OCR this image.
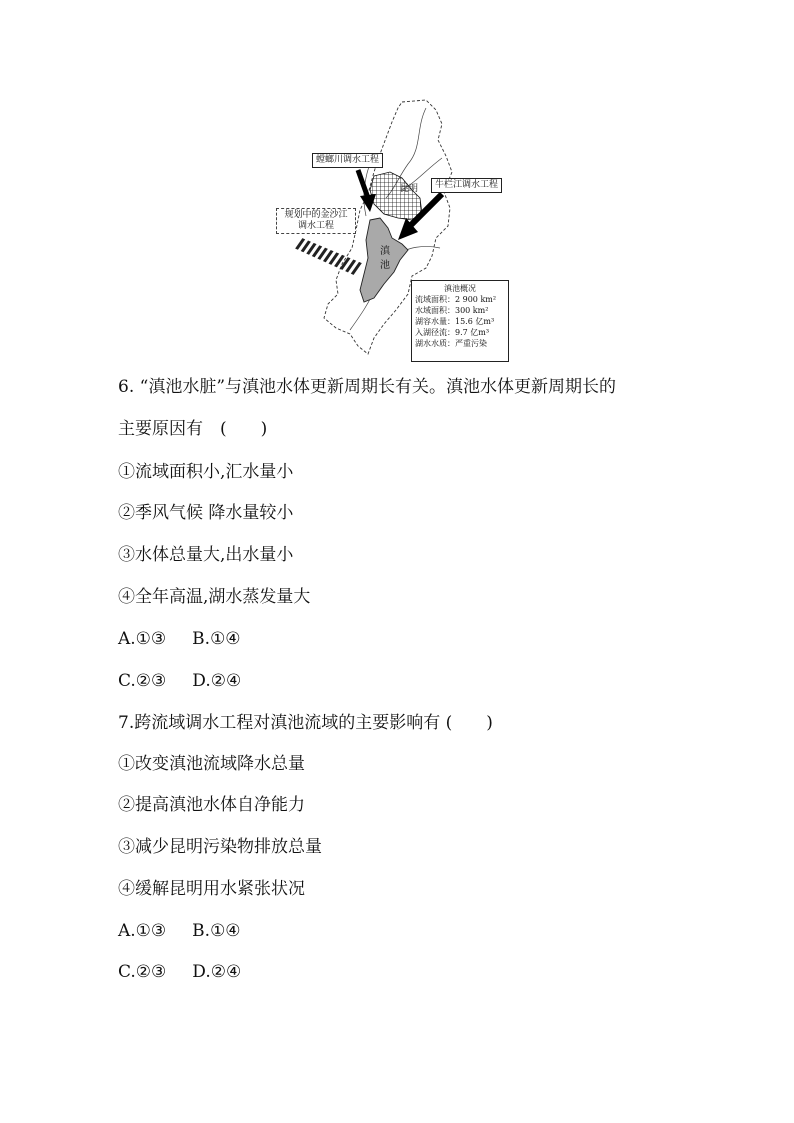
螳螂川调水工程
昆明	牛栏江调水工程
规划中的金沙江
调水工程
滇
池
滇池概况
流域面积：2 900 km²
水域面积：300 km²
湖容水量：15.6 亿m³
入湖径流：9.7 亿m³
湖水水质：严重污染
6. “滇池水脏”与滇池水体更新周期长有关。滇池水体更新周期长的
主要原因有　(　　)
①流域面积小,汇水量小
②季风气候 降水量较小
③水体总量大,出水量小
④全年高温,湖水蒸发量大
A.①③ B.①④
C.②③ D.②④
7.跨流域调水工程对滇池流域的主要影响有 (　　)
①改变滇池流域降水总量
②提高滇池水体自净能力
③减少昆明污染物排放总量
④缓解昆明用水紧张状况
A.①③ B.①④
C.②③ D.②④
